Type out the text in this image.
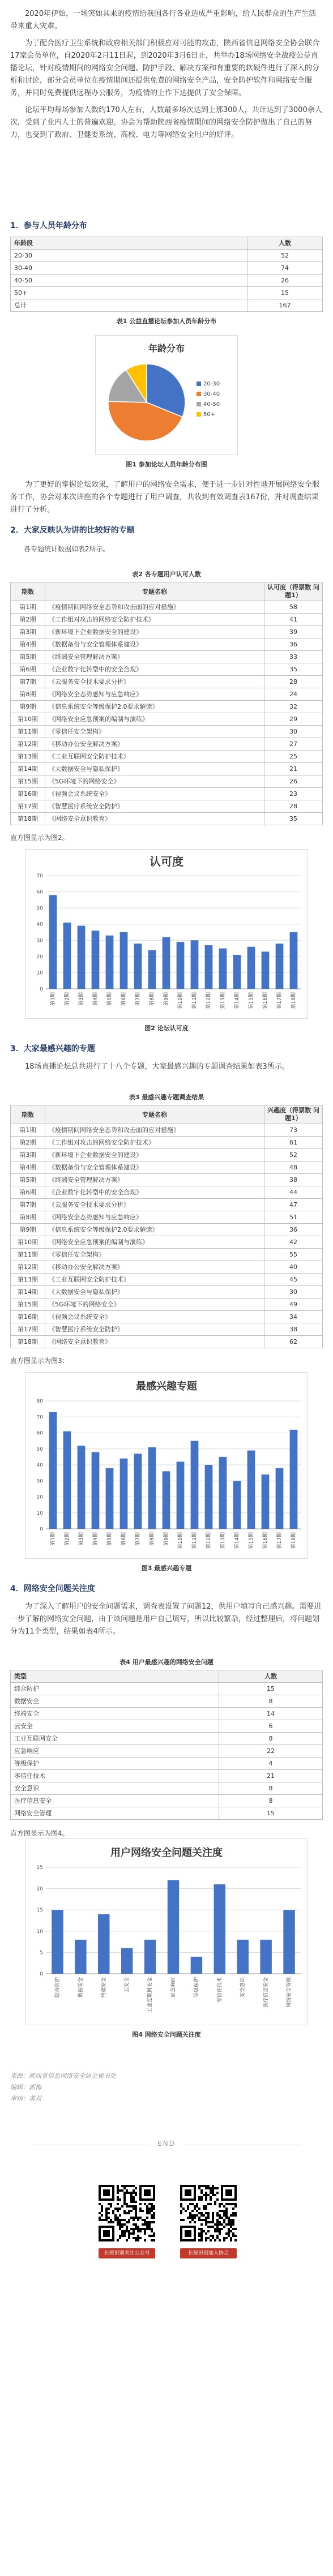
2020年伊始，一场突如其来的疫情给我国各行各业造成严重影响，给人民群众的生产生活带来重大灾难。

为了配合医疗卫生系统和政府相关部门积极应对可能的攻击，陕西省信息网络安全协会联合17家会员单位，自2020年2月11日起，到2020年3月6日止，共举办18场网络安全战疫公益直播论坛，针对疫情期间的网络安全问题、防护手段、解决方案和有重要的软硬件进行了深入的分析和讨论，部分会员单位在疫情期间还提供免费的网络安全产品，安全防护软件和网络安全服务，并同时免费提供远程办公服务，为疫情的上作下达提供了安全保障。

论坛平均每场参加人数约170人左右，人数最多场次达到上那300人，共计达到了3000余人次，受到了业内人士的普遍欢迎。协会为帮助陕西省疫情期间的网络安全防护做出了自己的努力，也受到了政府、卫健委系统、高校、电力等网络安全用户的好评。

1．参与人员年龄分布

年龄段	人数
20-30	52
30-40	74
40-50	26
50+	15
总计	167

表1 公益直播论坛参加人员年龄分布

年龄分布
20-30
30-40
40-50
50+

图1 参加论坛人员年龄分布图

为了更好的掌握论坛效果，了解用户的网络安全需求，便于进一步针对性地开展网络安全服务工作，协会对本次讲座的各个专题进行了用户调查，共收到有效调查表167份，并对调查结果进行了分析。

2．大家反映认为讲的比较好的专题

各专题统计数据如表2所示。

表2 各专题用户认可人数

期数	专题名称	认可度（得票数 问题1）
第1期	《疫情期间网络安全态势和攻击面的应对措施》	58
第2期	《工作组对攻击的网络安全防护技术》	41
第3期	《新环境下企业数据安全的建设》	39
第4期	《数据备份与安全管理体系建设》	36
第5期	《终端安全管理解决方案》	33
第6期	《企业数字化转型中的安全合规》	35
第7期	《云服务安全技术要求分析》	28
第8期	《网络安全态势感知与应急响应》	24
第9期	《信息系统安全等级保护2.0要求解读》	32
第10期	《网络安全应急预案的编制与演练》	29
第11期	《零信任安全架构》	30
第12期	《移动办公安全解决方案》	27
第13期	《工业互联网安全防护技术》	25
第14期	《大数据安全与隐私保护》	21
第15期	《5G环境下的网络安全》	26
第16期	《视频会议系统安全》	23
第17期	《智慧医疗系统安全防护》	28
第18期	《网络安全意识教育》	35

直方图显示为图2。

认可度
0
10
20
30
40
50
60
70
第1期 第2期 第3期 第4期 第5期 第6期 第7期 第8期 第9期 第10期 第11期 第12期 第13期 第14期 第15期 第16期 第17期 第18期

图2 论坛认可度

3．大家最感兴趣的专题

18场直播论坛总共进行了十八个专题，大家最感兴趣的专题调查结果如表3所示。

表3 最感兴趣专题调查结果

期数	专题名称	兴趣度（得票数 问题1）
第1期	《疫情期间网络安全态势和攻击面的应对措施》	73
第2期	《工作组对攻击的网络安全防护技术》	61
第3期	《新环境下企业数据安全的建设》	52
第4期	《数据备份与安全管理体系建设》	48
第5期	《终端安全管理解决方案》	38
第6期	《企业数字化转型中的安全合规》	44
第7期	《云服务安全技术要求分析》	47
第8期	《网络安全态势感知与应急响应》	51
第9期	《信息系统安全等级保护2.0要求解读》	36
第10期	《网络安全应急预案的编制与演练》	42
第11期	《零信任安全架构》	55
第12期	《移动办公安全解决方案》	40
第13期	《工业互联网安全防护技术》	45
第14期	《大数据安全与隐私保护》	30
第15期	《5G环境下的网络安全》	49
第16期	《视频会议系统安全》	34
第17期	《智慧医疗系统安全防护》	38
第18期	《网络安全意识教育》	62

直方图显示为图3：

最感兴趣专题
0
10
20
30
40
50
60
70
80
第1期 第2期 第3期 第4期 第5期 第6期 第7期 第8期 第9期 第10期 第11期 第12期 第13期 第14期 第15期 第16期 第17期 第18期

图3 最感兴趣专题

4．网络安全问题关注度

为了深入了解用户的安全问题需求，调查表设置了问题12，供用户填写自己感兴趣。需要进一步了解的网络安全问题，由于该问题是用户自己填写，所以比较繁杂，经过整理后，将问题划分为11个类型，结果如表4所示。

表4 用户最感兴趣的网络安全问题

类型	人数
综合防护	15
数据安全	8
终端安全	14
云安全	6
工业互联网安全	8
应急响应	22
等级保护	4
零信任技术	21
安全意识	8
医疗信息安全	8
网络安全管理	15

直方图显示为图4。

用户网络安全问题关注度
0
5
10
15
20
25
综合防护	数据安全	终端安全	云安全	工业互联网安全	应急响应	等级保护	零信任技术	安全意识	医疗信息安全	网络安全管理

图4 网络安全问题关注度

来源：陕西省信息网络安全协会秘书处

编辑：郭梅

审核：黄双

END
长按识别关注公众号	长按识别加入协会
